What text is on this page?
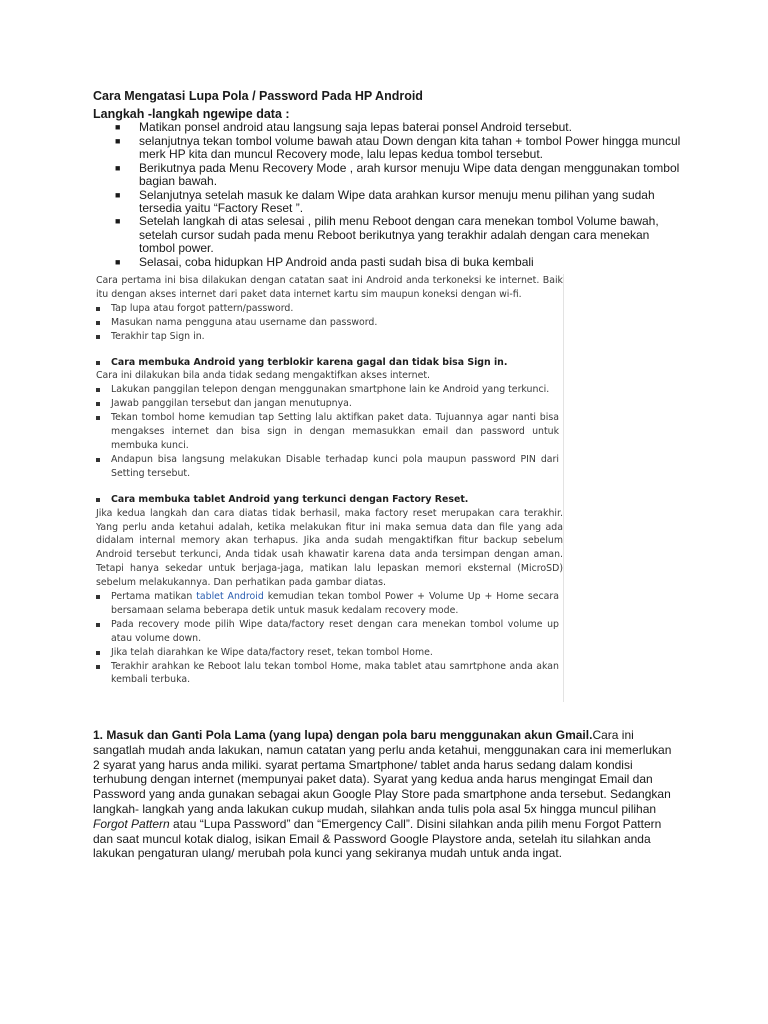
Cara Mengatasi Lupa Pola / Password Pada HP Android
Langkah -langkah ngewipe data :
■ Matikan ponsel android atau langsung saja lepas baterai ponsel Android tersebut.
■ selanjutnya tekan tombol volume bawah atau Down dengan kita tahan + tombol Power hingga muncul merk HP kita dan muncul Recovery mode, lalu lepas kedua tombol tersebut.
■ Berikutnya pada Menu Recovery Mode , arah kursor menuju Wipe data dengan menggunakan tombol bagian bawah.
■ Selanjutnya setelah masuk ke dalam Wipe data arahkan kursor menuju menu pilihan yang sudah tersedia yaitu “Factory Reset ”.
■ Setelah langkah di atas selesai , pilih menu Reboot dengan cara menekan tombol Volume bawah, setelah cursor sudah pada menu Reboot berikutnya yang terakhir adalah dengan cara menekan tombol power.
■ Selasai, coba hidupkan HP Android anda pasti sudah bisa di buka kembali

Cara pertama ini bisa dilakukan dengan catatan saat ini Android anda terkoneksi ke internet. Baik itu dengan akses internet dari paket data internet kartu sim maupun koneksi dengan wi-fi.

Tap lupa atau forgot pattern/password.
Masukan nama pengguna atau username dan password.
Terakhir tap Sign in.
Cara membuka Android yang terblokir karena gagal dan tidak bisa Sign in.

Cara ini dilakukan bila anda tidak sedang mengaktifkan akses internet.

Lakukan panggilan telepon dengan menggunakan smartphone lain ke Android yang terkunci.
Jawab panggilan tersebut dan jangan menutupnya.
Tekan tombol home kemudian tap Setting lalu aktifkan paket data. Tujuannya agar nanti bisa mengakses internet dan bisa sign in dengan memasukkan email dan password untuk membuka kunci.
Andapun bisa langsung melakukan Disable terhadap kunci pola maupun password PIN dari Setting tersebut.
Cara membuka tablet Android yang terkunci dengan Factory Reset.

Jika kedua langkah dan cara diatas tidak berhasil, maka factory reset merupakan cara terakhir. Yang perlu anda ketahui adalah, ketika melakukan fitur ini maka semua data dan file yang ada didalam internal memory akan terhapus. Jika anda sudah mengaktifkan fitur backup sebelum Android tersebut terkunci, Anda tidak usah khawatir karena data anda tersimpan dengan aman. Tetapi hanya sekedar untuk berjaga-jaga, matikan lalu lepaskan memori eksternal (MicroSD) sebelum melakukannya. Dan perhatikan pada gambar diatas.

Pertama matikan tablet Android kemudian tekan tombol Power + Volume Up + Home secara bersamaan selama beberapa detik untuk masuk kedalam recovery mode.
Pada recovery mode pilih Wipe data/factory reset dengan cara menekan tombol volume up atau volume down.
Jika telah diarahkan ke Wipe data/factory reset, tekan tombol Home.
Terakhir arahkan ke Reboot lalu tekan tombol Home, maka tablet atau samrtphone anda akan kembali terbuka.

1. Masuk dan Ganti Pola Lama (yang lupa) dengan pola baru menggunakan akun Gmail.Cara ini sangatlah mudah anda lakukan, namun catatan yang perlu anda ketahui, menggunakan cara ini memerlukan 2 syarat yang harus anda miliki. syarat pertama Smartphone/ tablet anda harus sedang dalam kondisi terhubung dengan internet (mempunyai paket data). Syarat yang kedua anda harus mengingat Email dan Password yang anda gunakan sebagai akun Google Play Store pada smartphone anda tersebut. Sedangkan langkah- langkah yang anda lakukan cukup mudah, silahkan anda tulis pola asal 5x hingga muncul pilihan Forgot Pattern atau “Lupa Password” dan “Emergency Call”. Disini silahkan anda pilih menu Forgot Pattern dan saat muncul kotak dialog, isikan Email & Password Google Playstore anda, setelah itu silahkan anda lakukan pengaturan ulang/ merubah pola kunci yang sekiranya mudah untuk anda ingat.
